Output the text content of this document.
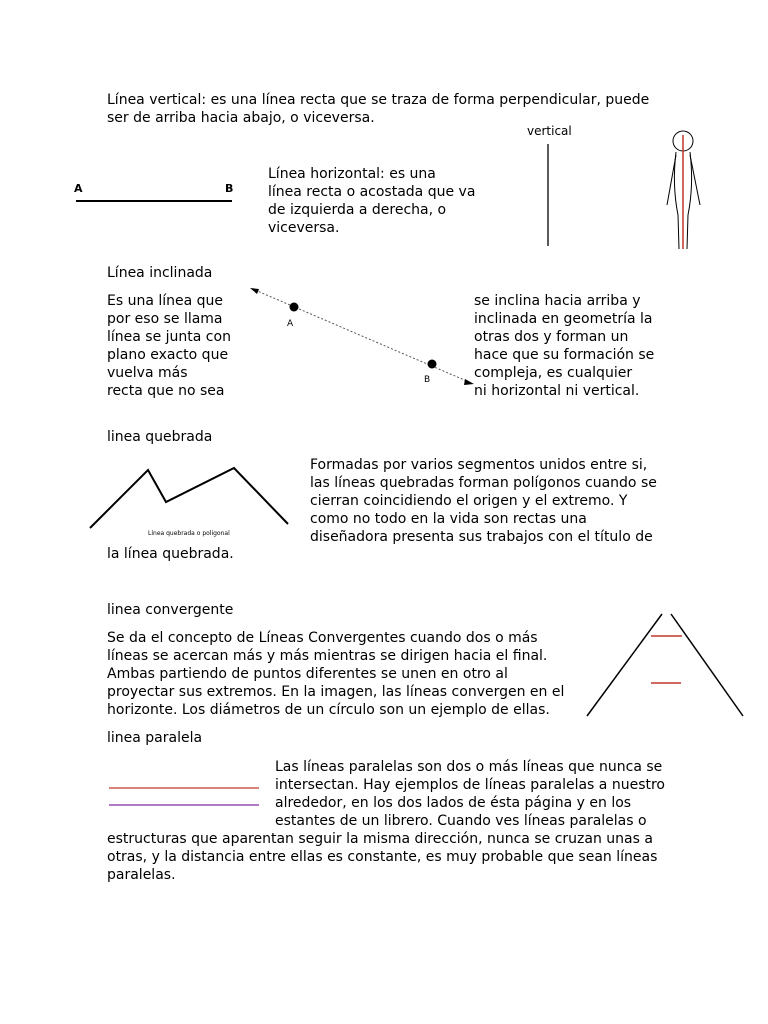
Línea vertical: es una línea recta que se traza de forma perpendicular, puede
ser de arriba hacia abajo, o viceversa.

vertical
A	B

Línea horizontal: es una
línea recta o acostada que va
de izquierda a derecha, o
viceversa.

Línea inclinada

Es una línea que
por eso se llama
línea se junta con
plano exacto que
vuelva más
recta que no sea

A
B

se inclina hacia arriba y
inclinada en geometría la
otras dos y forman un
hace que su formación se
compleja, es cualquier
ni horizontal ni vertical.

linea quebrada

Línea quebrada o poligonal

Formadas por varios segmentos unidos entre si,
las líneas quebradas forman polígonos cuando se
cierran coincidiendo el origen y el extremo. Y
como no todo en la vida son rectas una
diseñadora presenta sus trabajos con el título de

la línea quebrada.

linea convergente

Se da el concepto de Líneas Convergentes cuando dos o más
líneas se acercan más y más mientras se dirigen hacia el final.
Ambas partiendo de puntos diferentes se unen en otro al
proyectar sus extremos. En la imagen, las líneas convergen en el
horizonte. Los diámetros de un círculo son un ejemplo de ellas.

linea paralela

Las líneas paralelas son dos o más líneas que nunca se
intersectan. Hay ejemplos de líneas paralelas a nuestro
alrededor, en los dos lados de ésta página y en los
estantes de un librero. Cuando ves líneas paralelas o

estructuras que aparentan seguir la misma dirección, nunca se cruzan unas a
otras, y la distancia entre ellas es constante, es muy probable que sean líneas
paralelas.
